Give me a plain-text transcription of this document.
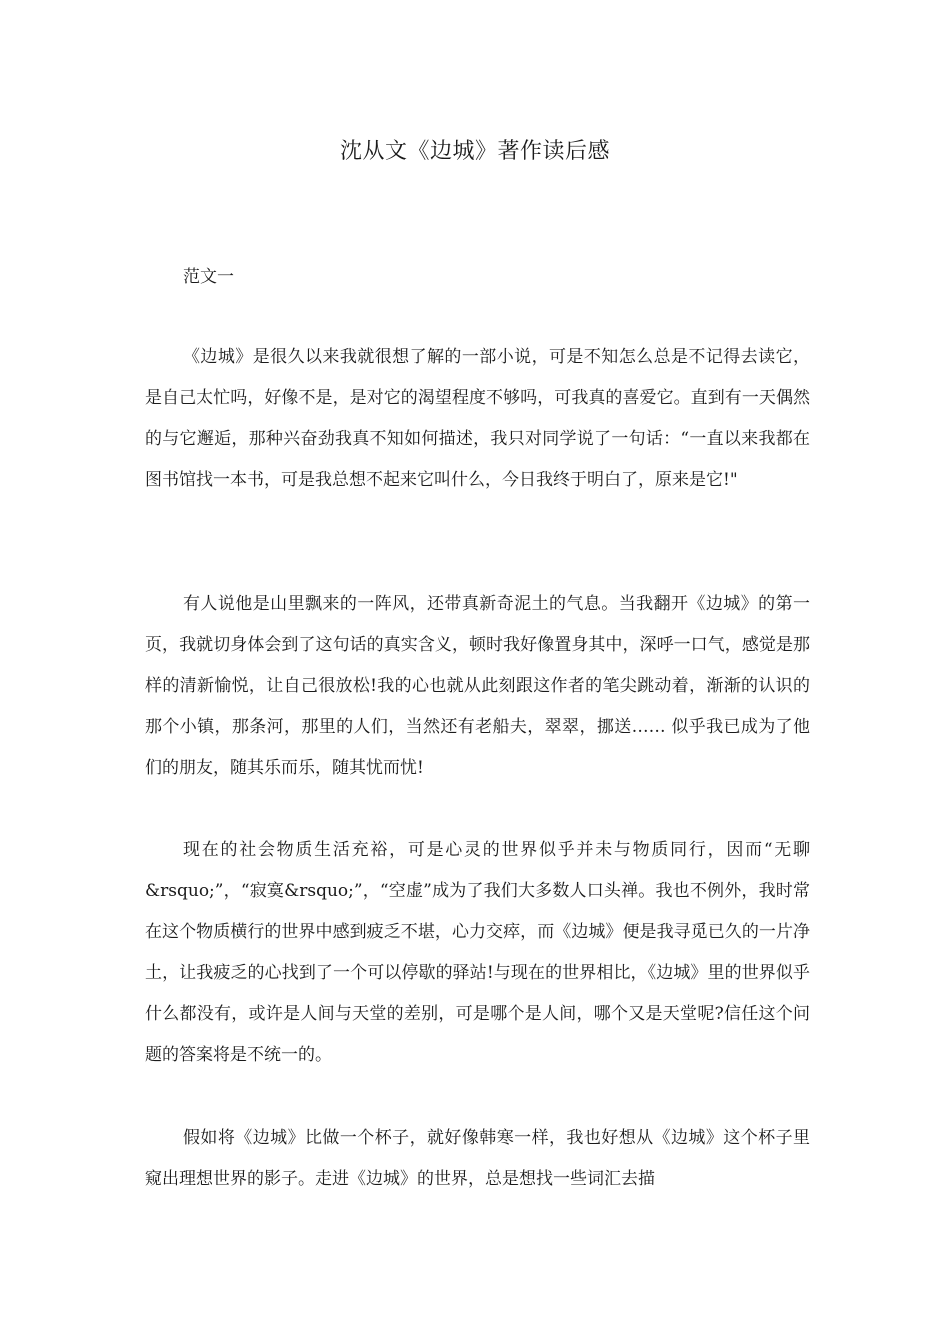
沈从文《边城》著作读后感
范文一

《边城》是很久以来我就很想了解的一部小说，可是不知怎么总是不记得去读它，是自己太忙吗，好像不是，是对它的渴望程度不够吗，可我真的喜爱它。直到有一天偶然的与它邂逅，那种兴奋劲我真不知如何描述，我只对同学说了一句话：“一直以来我都在图书馆找一本书，可是我总想不起来它叫什么，今日我终于明白了，原来是它!"

有人说他是山里飘来的一阵风，还带真新奇泥土的气息。当我翻开《边城》的第一页，我就切身体会到了这句话的真实含义，顿时我好像置身其中，深呼一口气，感觉是那样的清新愉悦，让自己很放松!我的心也就从此刻跟这作者的笔尖跳动着，渐渐的认识的那个小镇，那条河，那里的人们，当然还有老船夫，翠翠，挪送…… 似乎我已成为了他们的朋友，随其乐而乐，随其忧而忧!

现在的社会物质生活充裕，可是心灵的世界似乎并未与物质同行，因而“无聊&rsquo;”，“寂寞&rsquo;”，“空虚”成为了我们大多数人口头禅。我也不例外，我时常在这个物质横行的世界中感到疲乏不堪，心力交瘁，而《边城》便是我寻觅已久的一片净土，让我疲乏的心找到了一个可以停歇的驿站!与现在的世界相比，《边城》里的世界似乎什么都没有，或许是人间与天堂的差别，可是哪个是人间，哪个又是天堂呢?信任这个问题的答案将是不统一的。

假如将《边城》比做一个杯子，就好像韩寒一样，我也好想从《边城》这个杯子里窥出理想世界的影子。走进《边城》的世界，总是想找一些词汇去描
